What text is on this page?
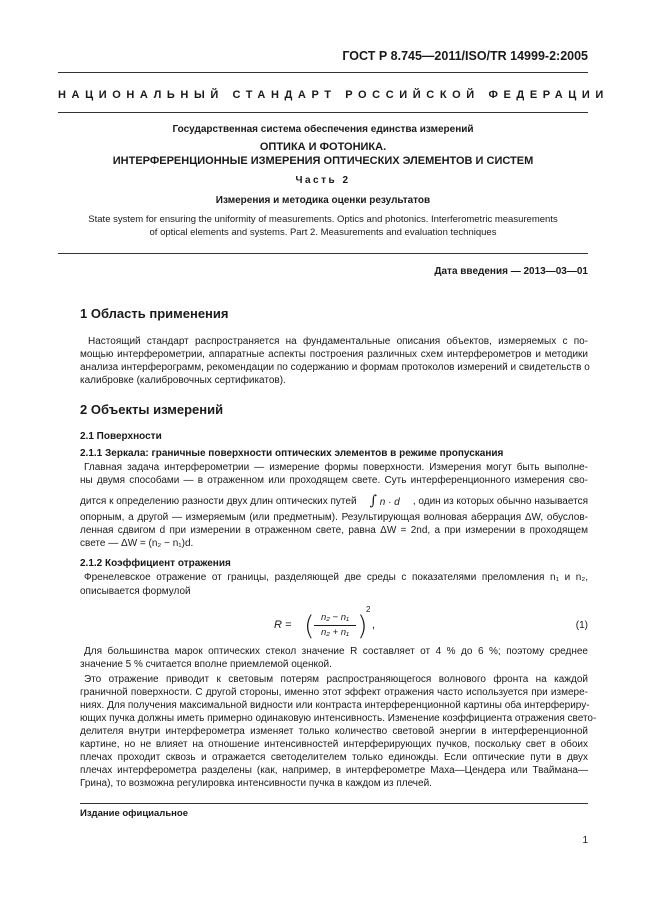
ГОСТ Р 8.745—2011/ISO/TR 14999-2:2005
НАЦИОНАЛЬНЫЙ СТАНДАРТ РОССИЙСКОЙ ФЕДЕРАЦИИ
Государственная система обеспечения единства измерений
ОПТИКА И ФОТОНИКА.
ИНТЕРФЕРЕНЦИОННЫЕ ИЗМЕРЕНИЯ ОПТИЧЕСКИХ ЭЛЕМЕНТОВ И СИСТЕМ
Часть 2
Измерения и методика оценки результатов
State system for ensuring the uniformity of measurements. Optics and photonics. Interferometric measurements
of optical elements and systems. Part 2. Measurements and evaluation techniques
Дата введения — 2013—03—01
1 Область применения
Настоящий стандарт распространяется на фундаментальные описания объектов, измеряемых с по-
мощью интерферометрии, аппаратные аспекты построения различных схем интерферометров и методики
анализа интерферограмм, рекомендации по содержанию и формам протоколов измерений и свидетельств о
калибровке (калибровочных сертификатов).
2 Объекты измерений
2.1 Поверхности
2.1.1 Зеркала: граничные поверхности оптических элементов в режиме пропускания
Главная задача интерферометрии — измерение формы поверхности. Измерения могут быть выполне-
ны двумя способами — в отраженном или проходящем свете. Суть интерференционного измерения сво-
дится к определению разности двух длин оптических путей ∫ n · d , один из которых обычно называется
опорным, а другой — измеряемым (или предметным). Результирующая волновая аберрация ΔW, обуслов-
ленная сдвигом d при измерении в отраженном свете, равна ΔW = 2nd, а при измерении в проходящем
свете — ΔW = (n₂ − n₁)d.
2.1.2 Коэффициент отражения
Френелевское отражение от границы, разделяющей две среды с показателями преломления n₁ и n₂,
описывается формулой
R = ( n₂ − n₁
n₂ + n₁ )
2
,	(1)
Для большинства марок оптических стекол значение R составляет от 4 % до 6 %; поэтому среднее
значение 5 % считается вполне приемлемой оценкой.
Это отражение приводит к световым потерям распространяющегося волнового фронта на каждой
граничной поверхности. С другой стороны, именно этот эффект отражения часто используется при измере-
ниях. Для получения максимальной видности или контраста интерференционной картины оба интерфериру-
ющих пучка должны иметь примерно одинаковую интенсивность. Изменение коэффициента отражения свето-
делителя внутри интерферометра изменяет только количество световой энергии в интерференционной
картине, но не влияет на отношение интенсивностей интерферирующих пучков, поскольку свет в обоих
плечах проходит сквозь и отражается светоделителем только единожды. Если оптические пути в двух
плечах интерферометра разделены (как, например, в интерферометре Маха—Цендера или Тваймана—
Грина), то возможна регулировка интенсивности пучка в каждом из плечей.
Издание официальное
1
